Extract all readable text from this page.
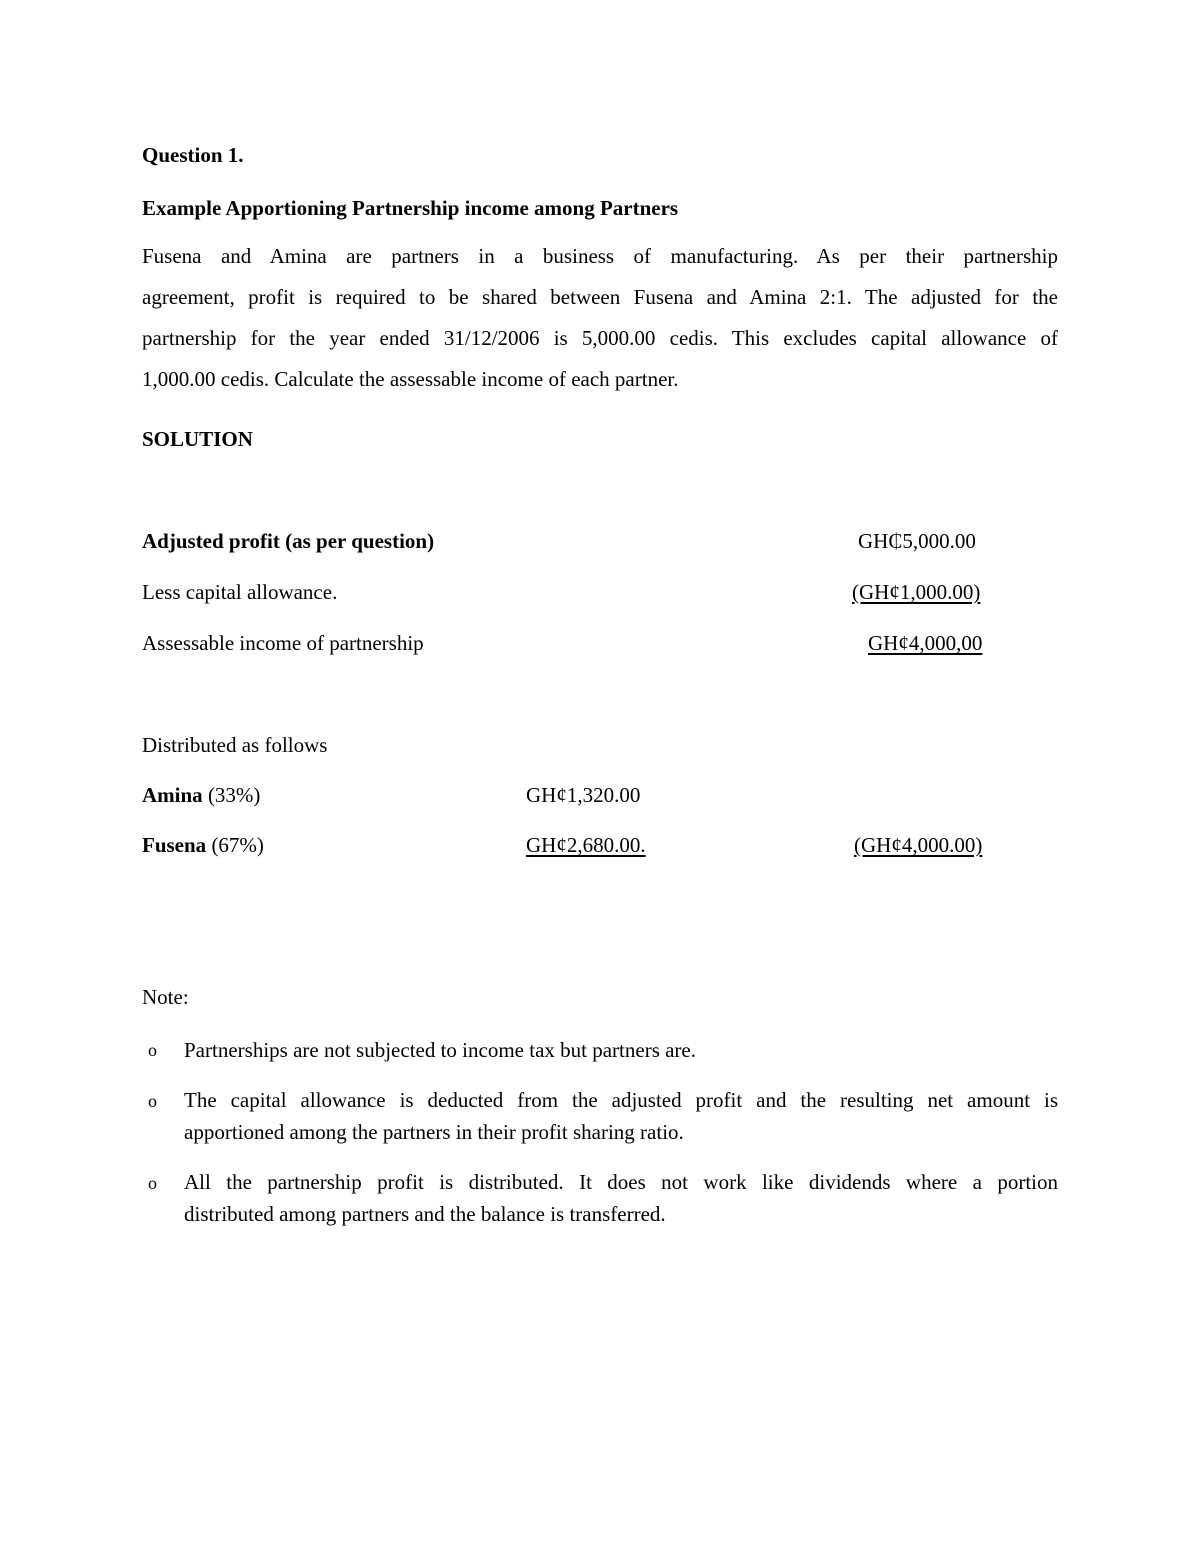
Question 1.
Example Apportioning Partnership income among Partners
Fusena and Amina are partners in a business of manufacturing. As per their partnership
agreement, profit is required to be shared between Fusena and Amina 2:1. The adjusted for the
partnership for the year ended 31/12/2006 is 5,000.00 cedis. This excludes capital allowance of
1,000.00 cedis. Calculate the assessable income of each partner.
SOLUTION
Adjusted profit (as per question)	GH₵5,000.00
Less capital allowance.	(GH¢1,000.00)
Assessable income of partnership	GH¢4,000,00
Distributed as follows
Amina (33%)	GH¢1,320.00
Fusena (67%)	GH¢2,680.00.	(GH¢4,000.00)
Note:
o Partnerships are not subjected to income tax but partners are.
o The capital allowance is deducted from the adjusted profit and the resulting net amount is
apportioned among the partners in their profit sharing ratio.
o All the partnership profit is distributed. It does not work like dividends where a portion
distributed among partners and the balance is transferred.
